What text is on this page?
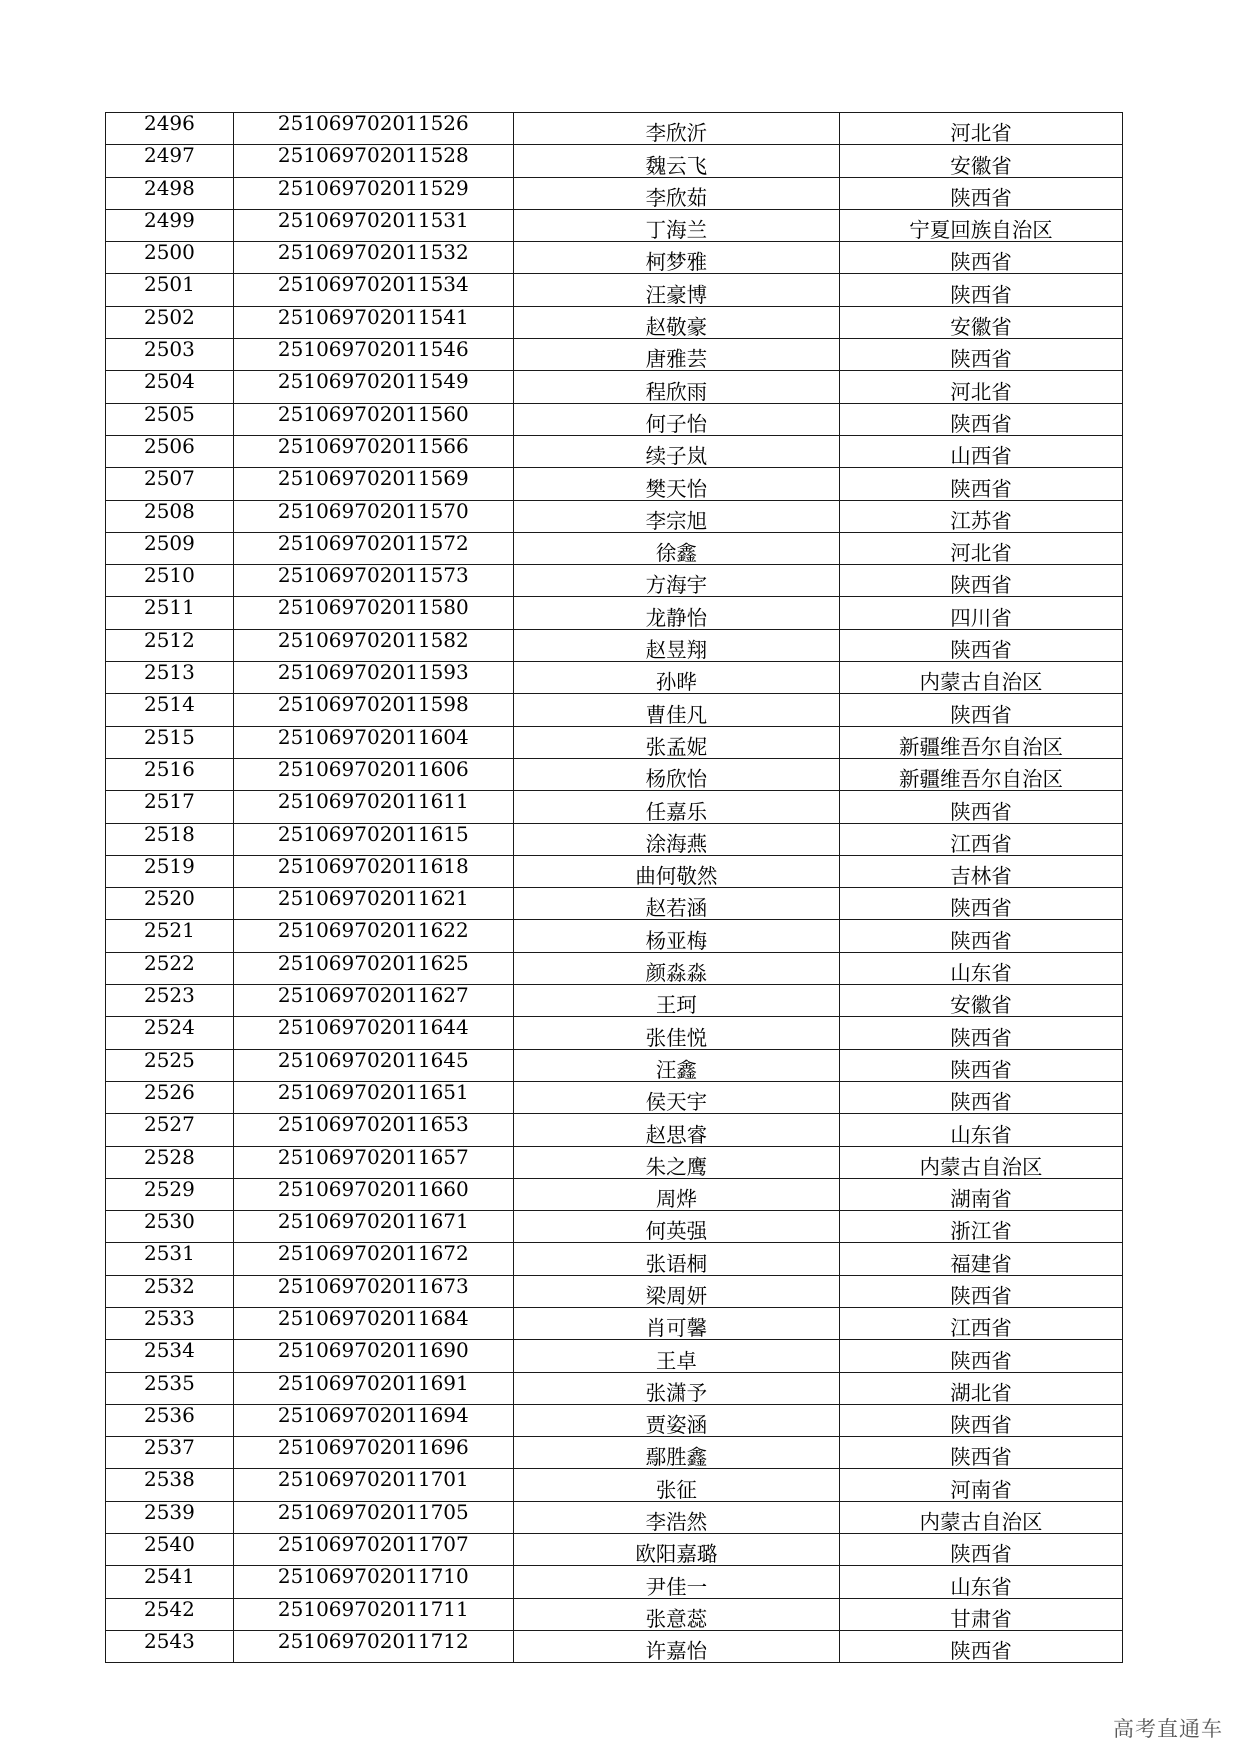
2496	251069702011526	李欣沂	河北省
2497	251069702011528	魏云飞	安徽省
2498	251069702011529	李欣茹	陕西省
2499	251069702011531	丁海兰	宁夏回族自治区
2500	251069702011532	柯梦雅	陕西省
2501	251069702011534	汪豪博	陕西省
2502	251069702011541	赵敬豪	安徽省
2503	251069702011546	唐雅芸	陕西省
2504	251069702011549	程欣雨	河北省
2505	251069702011560	何子怡	陕西省
2506	251069702011566	续子岚	山西省
2507	251069702011569	樊天怡	陕西省
2508	251069702011570	李宗旭	江苏省
2509	251069702011572	徐鑫	河北省
2510	251069702011573	方海宇	陕西省
2511	251069702011580	龙静怡	四川省
2512	251069702011582	赵昱翔	陕西省
2513	251069702011593	孙晔	内蒙古自治区
2514	251069702011598	曹佳凡	陕西省
2515	251069702011604	张孟妮	新疆维吾尔自治区
2516	251069702011606	杨欣怡	新疆维吾尔自治区
2517	251069702011611	任嘉乐	陕西省
2518	251069702011615	涂海燕	江西省
2519	251069702011618	曲何敬然	吉林省
2520	251069702011621	赵若涵	陕西省
2521	251069702011622	杨亚梅	陕西省
2522	251069702011625	颜淼淼	山东省
2523	251069702011627	王珂	安徽省
2524	251069702011644	张佳悦	陕西省
2525	251069702011645	汪鑫	陕西省
2526	251069702011651	侯天宇	陕西省
2527	251069702011653	赵思睿	山东省
2528	251069702011657	朱之鹰	内蒙古自治区
2529	251069702011660	周烨	湖南省
2530	251069702011671	何英强	浙江省
2531	251069702011672	张语桐	福建省
2532	251069702011673	梁周妍	陕西省
2533	251069702011684	肖可馨	江西省
2534	251069702011690	王卓	陕西省
2535	251069702011691	张潇予	湖北省
2536	251069702011694	贾姿涵	陕西省
2537	251069702011696	鄢胜鑫	陕西省
2538	251069702011701	张征	河南省
2539	251069702011705	李浩然	内蒙古自治区
2540	251069702011707	欧阳嘉璐	陕西省
2541	251069702011710	尹佳一	山东省
2542	251069702011711	张意蕊	甘肃省
2543	251069702011712	许嘉怡	陕西省
高考直通车
